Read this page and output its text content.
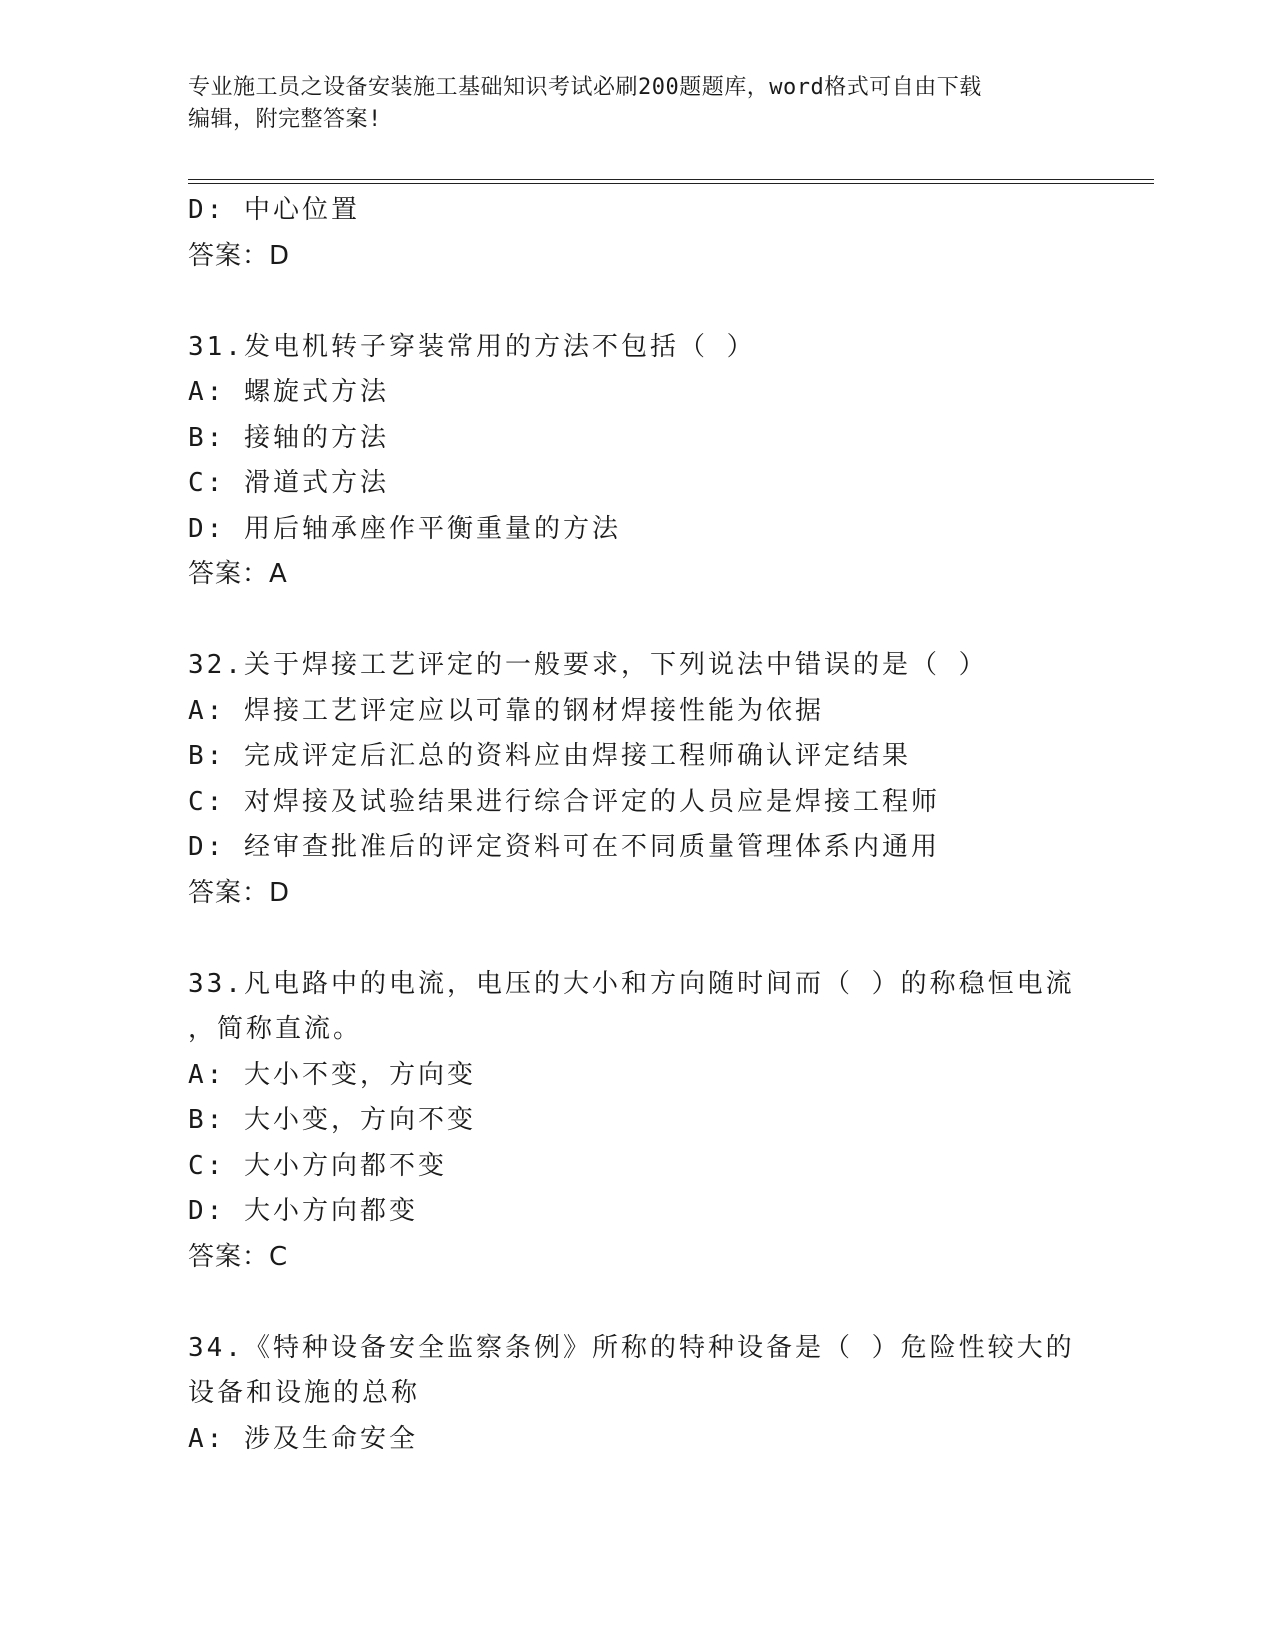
专业施工员之设备安装施工基础知识考试必刷200题题库，word格式可自由下载
编辑，附完整答案!
D: 中心位置
答案：D
31.发电机转子穿装常用的方法不包括（ ）
A: 螺旋式方法
B: 接轴的方法
C: 滑道式方法
D: 用后轴承座作平衡重量的方法
答案：A
32.关于焊接工艺评定的一般要求，下列说法中错误的是（ ）
A: 焊接工艺评定应以可靠的钢材焊接性能为依据
B: 完成评定后汇总的资料应由焊接工程师确认评定结果
C: 对焊接及试验结果进行综合评定的人员应是焊接工程师
D: 经审查批准后的评定资料可在不同质量管理体系内通用
答案：D
33.凡电路中的电流，电压的大小和方向随时间而（ ）的称稳恒电流
，简称直流。
A: 大小不变，方向变
B: 大小变，方向不变
C: 大小方向都不变
D: 大小方向都变
答案：C
34.《特种设备安全监察条例》所称的特种设备是（ ）危险性较大的
设备和设施的总称
A: 涉及生命安全
